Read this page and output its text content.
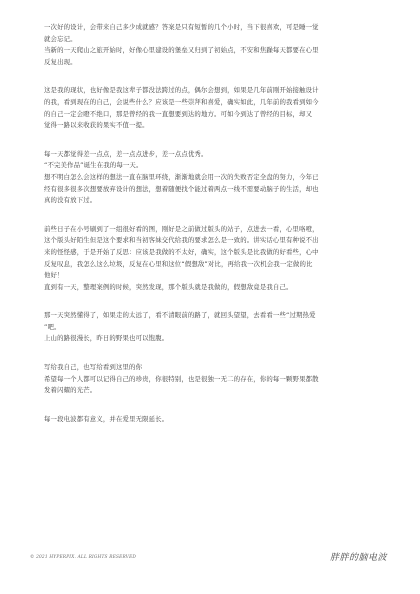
一次好的设计，会带来自己多少成就感？答案是只有短暂的几个小时，当下很喜欢，可是睡一觉

就会忘记。

当新的一天爬山之旅开始时，好像心里建设的堡垒又归到了初始点，不安和焦躁每天都要在心里

反复出现。

这是我的现状，也好像是我这辈子都没法跨过的点，偶尔会想到，如果是几年前刚开始接触设计

的我，看到现在的自己，会说些什么？应该是一些崇拜和喜爱，确实如此，几年前的我看到如今

的自己一定会瞪不绝口，那是曾经的我一直想要到达的地方。可如今到达了曾经的目标，却又

觉得一路以来收获的果实不值一提。

每一天都觉得差一点点，差一点点进步，差一点点优秀。

“不完美作品”诞生在我的每一天。

想不明白怎么会这样的想法一直在脑里环绕，渐渐地就会用一次的失败否定全盘的努力，今年已

经有很多很多次想要放弃设计的想法，想着随便找个能过着两点一线不需要动脑子的生活，却也

真的没有放下过。

前些日子在小号刷到了一组很好看的图，刚好是之前做过版头的站子，点进去一看，心里咯噔，

这个版头好陌生但是这个要求和当初客妹交代给我的要求怎么是一致的。讲实话心里有种说不出

来的怪怪感，于是开始了反思：应该是我做的不太好，确实，这个版头是比我做的好看些，心中

反复叹息，我怎么这么垃圾，反复在心里和这位“假想敌”对比，再给我一次机会我一定做的比

他好！

直到有一天，整理案例的时候，突然发现，那个版头就是我做的，假想敌竟是我自己。

那一天突然懂得了，如果走的太远了，看不清眼前的路了，就回头望望，去看看一些“过期热爱

”吧。

上山的路很漫长，昨日的野果也可以饱腹。

写给我自己，也写给看到这里的你

希望每一个人都可以记得自己的珍贵，你很特别，也是很独一无二的存在，你的每一颗野果都散

发着闪耀的光芒。

每一段电波都有意义，并在爱里无限延长。

© 2021 HYPERPIX. ALL RIGHTS RESERVED	胖胖的脑电波
